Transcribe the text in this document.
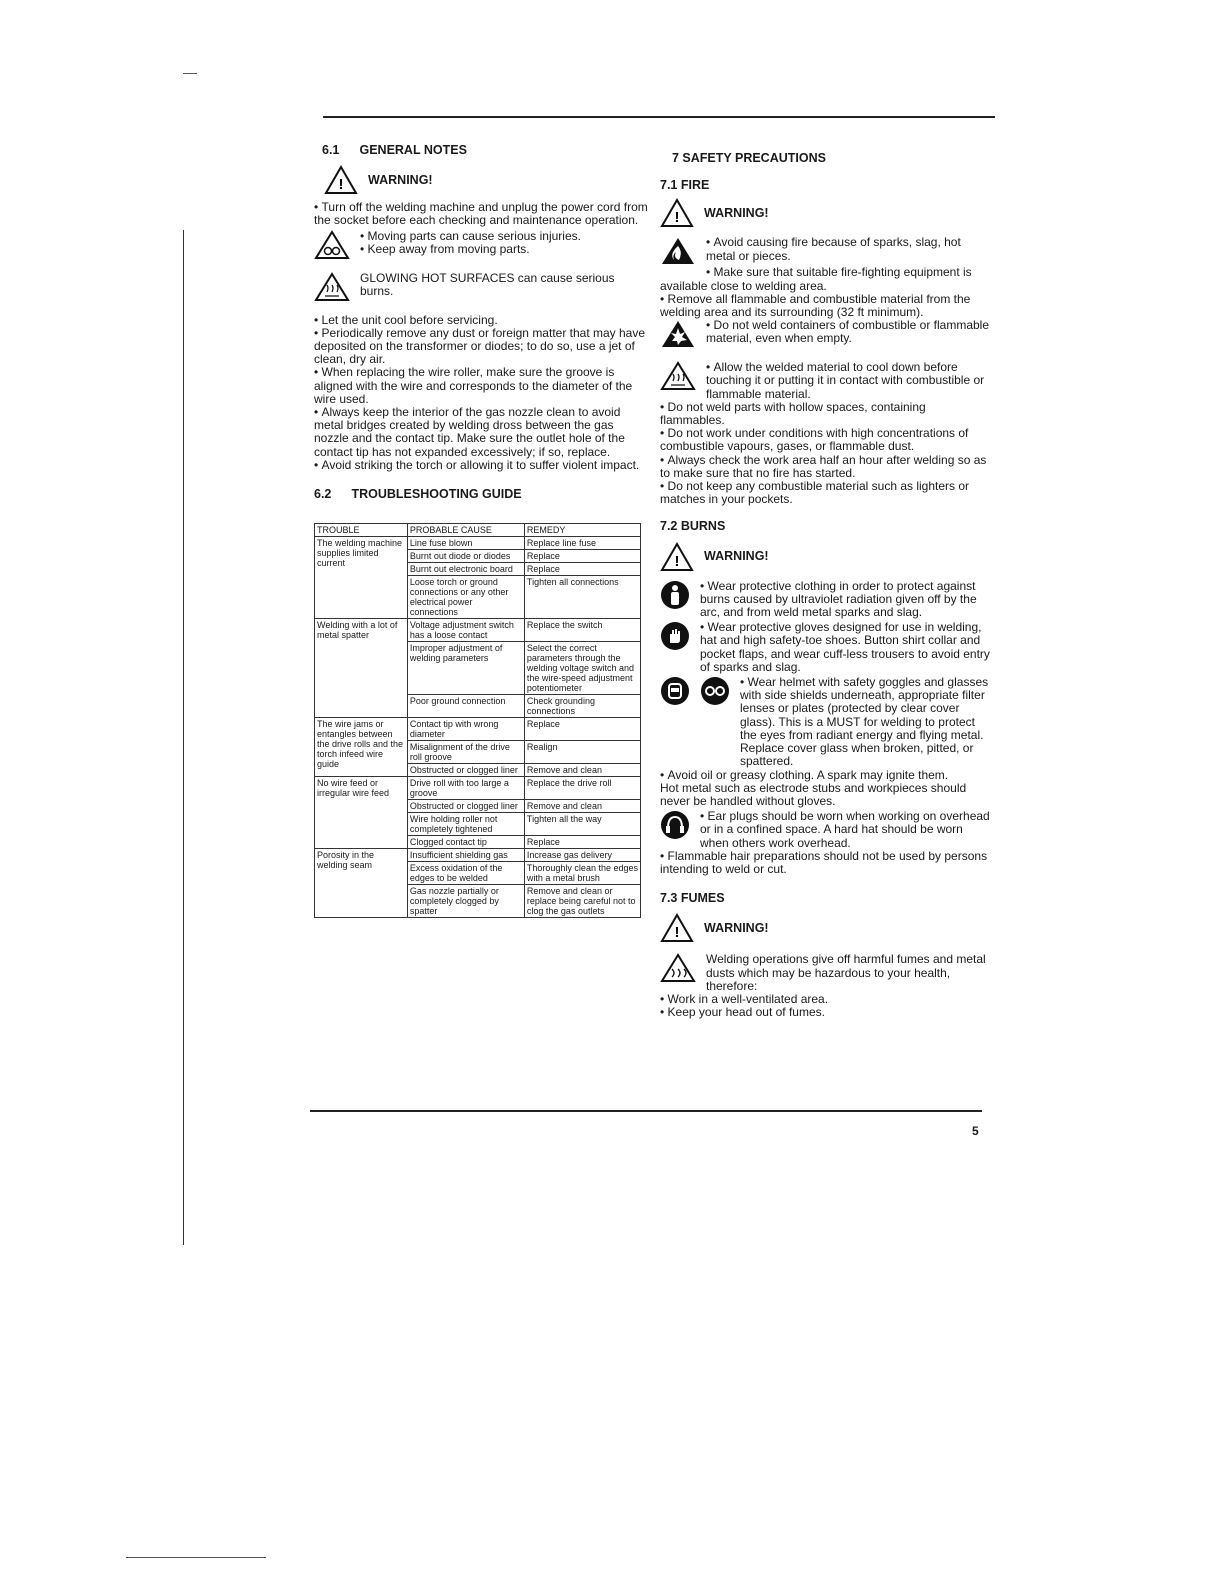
6.1 GENERAL NOTES
! WARNING!

• Turn off the welding machine and unplug the power cord from the socket before each checking and maintenance operation.

• Moving parts can cause serious injuries.

• Keep away from moving parts.

GLOWING HOT SURFACES can cause serious burns.

• Let the unit cool before servicing.

• Periodically remove any dust or foreign matter that may have deposited on the transformer or diodes; to do so, use a jet of clean, dry air.

• When replacing the wire roller, make sure the groove is aligned with the wire and corresponds to the diameter of the wire used.

• Always keep the interior of the gas nozzle clean to avoid metal bridges created by welding dross between the gas nozzle and the contact tip. Make sure the outlet hole of the contact tip has not expanded excessively; if so, replace.

• Avoid striking the torch or allowing it to suffer violent impact.

6.2 TROUBLESHOOTING GUIDE
TROUBLE	PROBABLE CAUSE	REMEDY
The welding machine supplies limited current	Line fuse blown	Replace line fuse
	Burnt out diode or diodes	Replace
	Burnt out electronic board	Replace
	Loose torch or ground connections or any other electrical power connections	Tighten all connections
Welding with a lot of metal spatter	Voltage adjustment switch has a loose contact	Replace the switch
	Improper adjustment of welding parameters	Select the correct parameters through the welding voltage switch and the wire-speed adjustment potentiometer
	Poor ground connection	Check grounding connections
The wire jams or entangles between the drive rolls and the torch infeed wire guide	Contact tip with wrong diameter	Replace
	Misalignment of the drive roll groove	Realign
	Obstructed or clogged liner	Remove and clean
No wire feed or irregular wire feed	Drive roll with too large a groove	Replace the drive roll
	Obstructed or clogged liner	Remove and clean
	Wire holding roller not completely tightened	Tighten all the way
	Clogged contact tip	Replace
Porosity in the welding seam	Insufficient shielding gas	Increase gas delivery
	Excess oxidation of the edges to be welded	Thoroughly clean the edges with a metal brush
	Gas nozzle partially or completely clogged by spatter	Remove and clean or replace being careful not to clog the gas outlets
7 SAFETY PRECAUTIONS
7.1 FIRE
! WARNING!

• Avoid causing fire because of sparks, slag, hot metal or pieces.

• Make sure that suitable fire-fighting equipment is available close to welding area.

• Remove all flammable and combustible material from the welding area and its surrounding (32 ft minimum).

• Do not weld containers of combustible or flammable material, even when empty.

• Allow the welded material to cool down before touching it or putting it in contact with combustible or flammable material.

• Do not weld parts with hollow spaces, containing flammables.

• Do not work under conditions with high concentrations of combustible vapours, gases, or flammable dust.

• Always check the work area half an hour after welding so as to make sure that no fire has started.

• Do not keep any combustible material such as lighters or matches in your pockets.

7.2 BURNS
! WARNING!

• Wear protective clothing in order to protect against burns caused by ultraviolet radiation given off by the arc, and from weld metal sparks and slag.

• Wear protective gloves designed for use in welding, hat and high safety-toe shoes. Button shirt collar and pocket flaps, and wear cuff-less trousers to avoid entry of sparks and slag.

• Wear helmet with safety goggles and glasses with side shields underneath, appropriate filter lenses or plates (protected by clear cover glass). This is a MUST for welding to protect the eyes from radiant energy and flying metal. Replace cover glass when broken, pitted, or spattered.

• Avoid oil or greasy clothing. A spark may ignite them.

Hot metal such as electrode stubs and workpieces should never be handled without gloves.

• Ear plugs should be worn when working on overhead or in a confined space. A hard hat should be worn when others work overhead.

• Flammable hair preparations should not be used by persons intending to weld or cut.

7.3 FUMES
! WARNING!

Welding operations give off harmful fumes and metal dusts which may be hazardous to your health, therefore:

• Work in a well-ventilated area.

• Keep your head out of fumes.

5
